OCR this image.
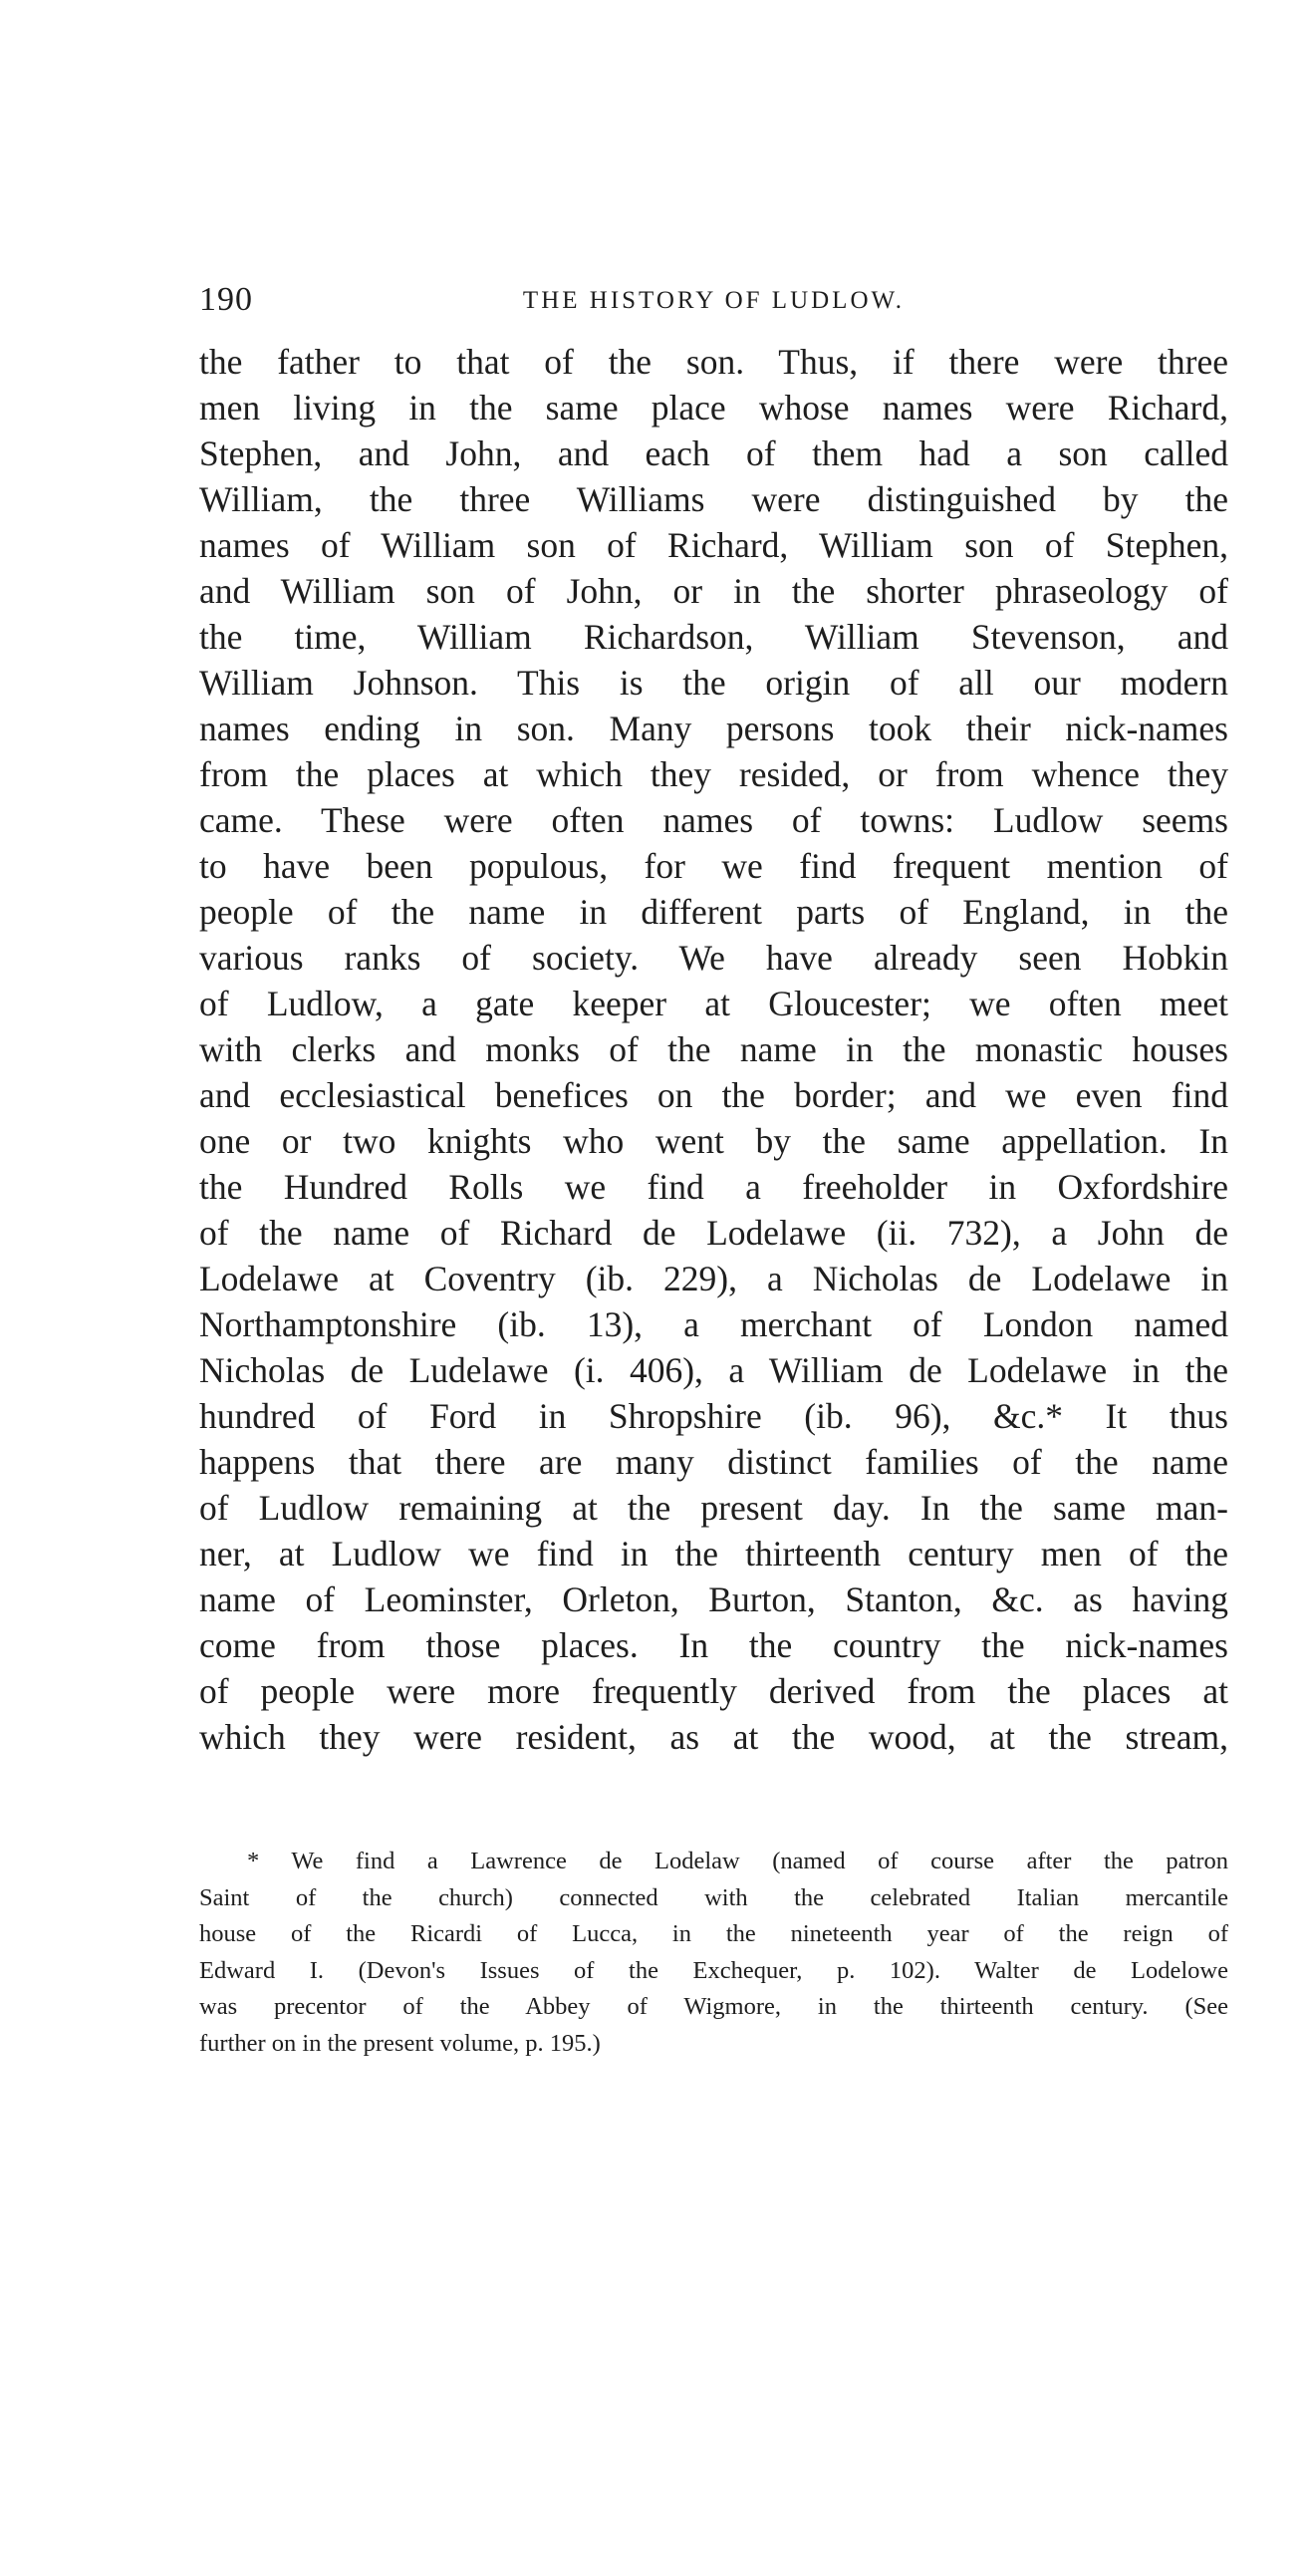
190	THE HISTORY OF LUDLOW.
the father to that of the son. Thus, if there were three
men living in the same place whose names were Richard,
Stephen, and John, and each of them had a son called
William, the three Williams were distinguished by the
names of William son of Richard, William son of Stephen,
and William son of John, or in the shorter phraseology of
the time, William Richardson, William Stevenson, and
William Johnson. This is the origin of all our modern
names ending in son. Many persons took their nick-names
from the places at which they resided, or from whence they
came. These were often names of towns: Ludlow seems
to have been populous, for we find frequent mention of
people of the name in different parts of England, in the
various ranks of society. We have already seen Hobkin
of Ludlow, a gate keeper at Gloucester; we often meet
with clerks and monks of the name in the monastic houses
and ecclesiastical benefices on the border; and we even find
one or two knights who went by the same appellation. In
the Hundred Rolls we find a freeholder in Oxfordshire
of the name of Richard de Lodelawe (ii. 732), a John de
Lodelawe at Coventry (ib. 229), a Nicholas de Lodelawe in
Northamptonshire (ib. 13), a merchant of London named
Nicholas de Ludelawe (i. 406), a William de Lodelawe in the
hundred of Ford in Shropshire (ib. 96), &c.* It thus
happens that there are many distinct families of the name
of Ludlow remaining at the present day. In the same man-
ner, at Ludlow we find in the thirteenth century men of the
name of Leominster, Orleton, Burton, Stanton, &c. as having
come from those places. In the country the nick-names
of people were more frequently derived from the places at
which they were resident, as at the wood, at the stream,
* We find a Lawrence de Lodelaw (named of course after the patron
Saint of the church) connected with the celebrated Italian mercantile
house of the Ricardi of Lucca, in the nineteenth year of the reign of
Edward I. (Devon's Issues of the Exchequer, p. 102). Walter de Lodelowe
was precentor of the Abbey of Wigmore, in the thirteenth century. (See
further on in the present volume, p. 195.)
